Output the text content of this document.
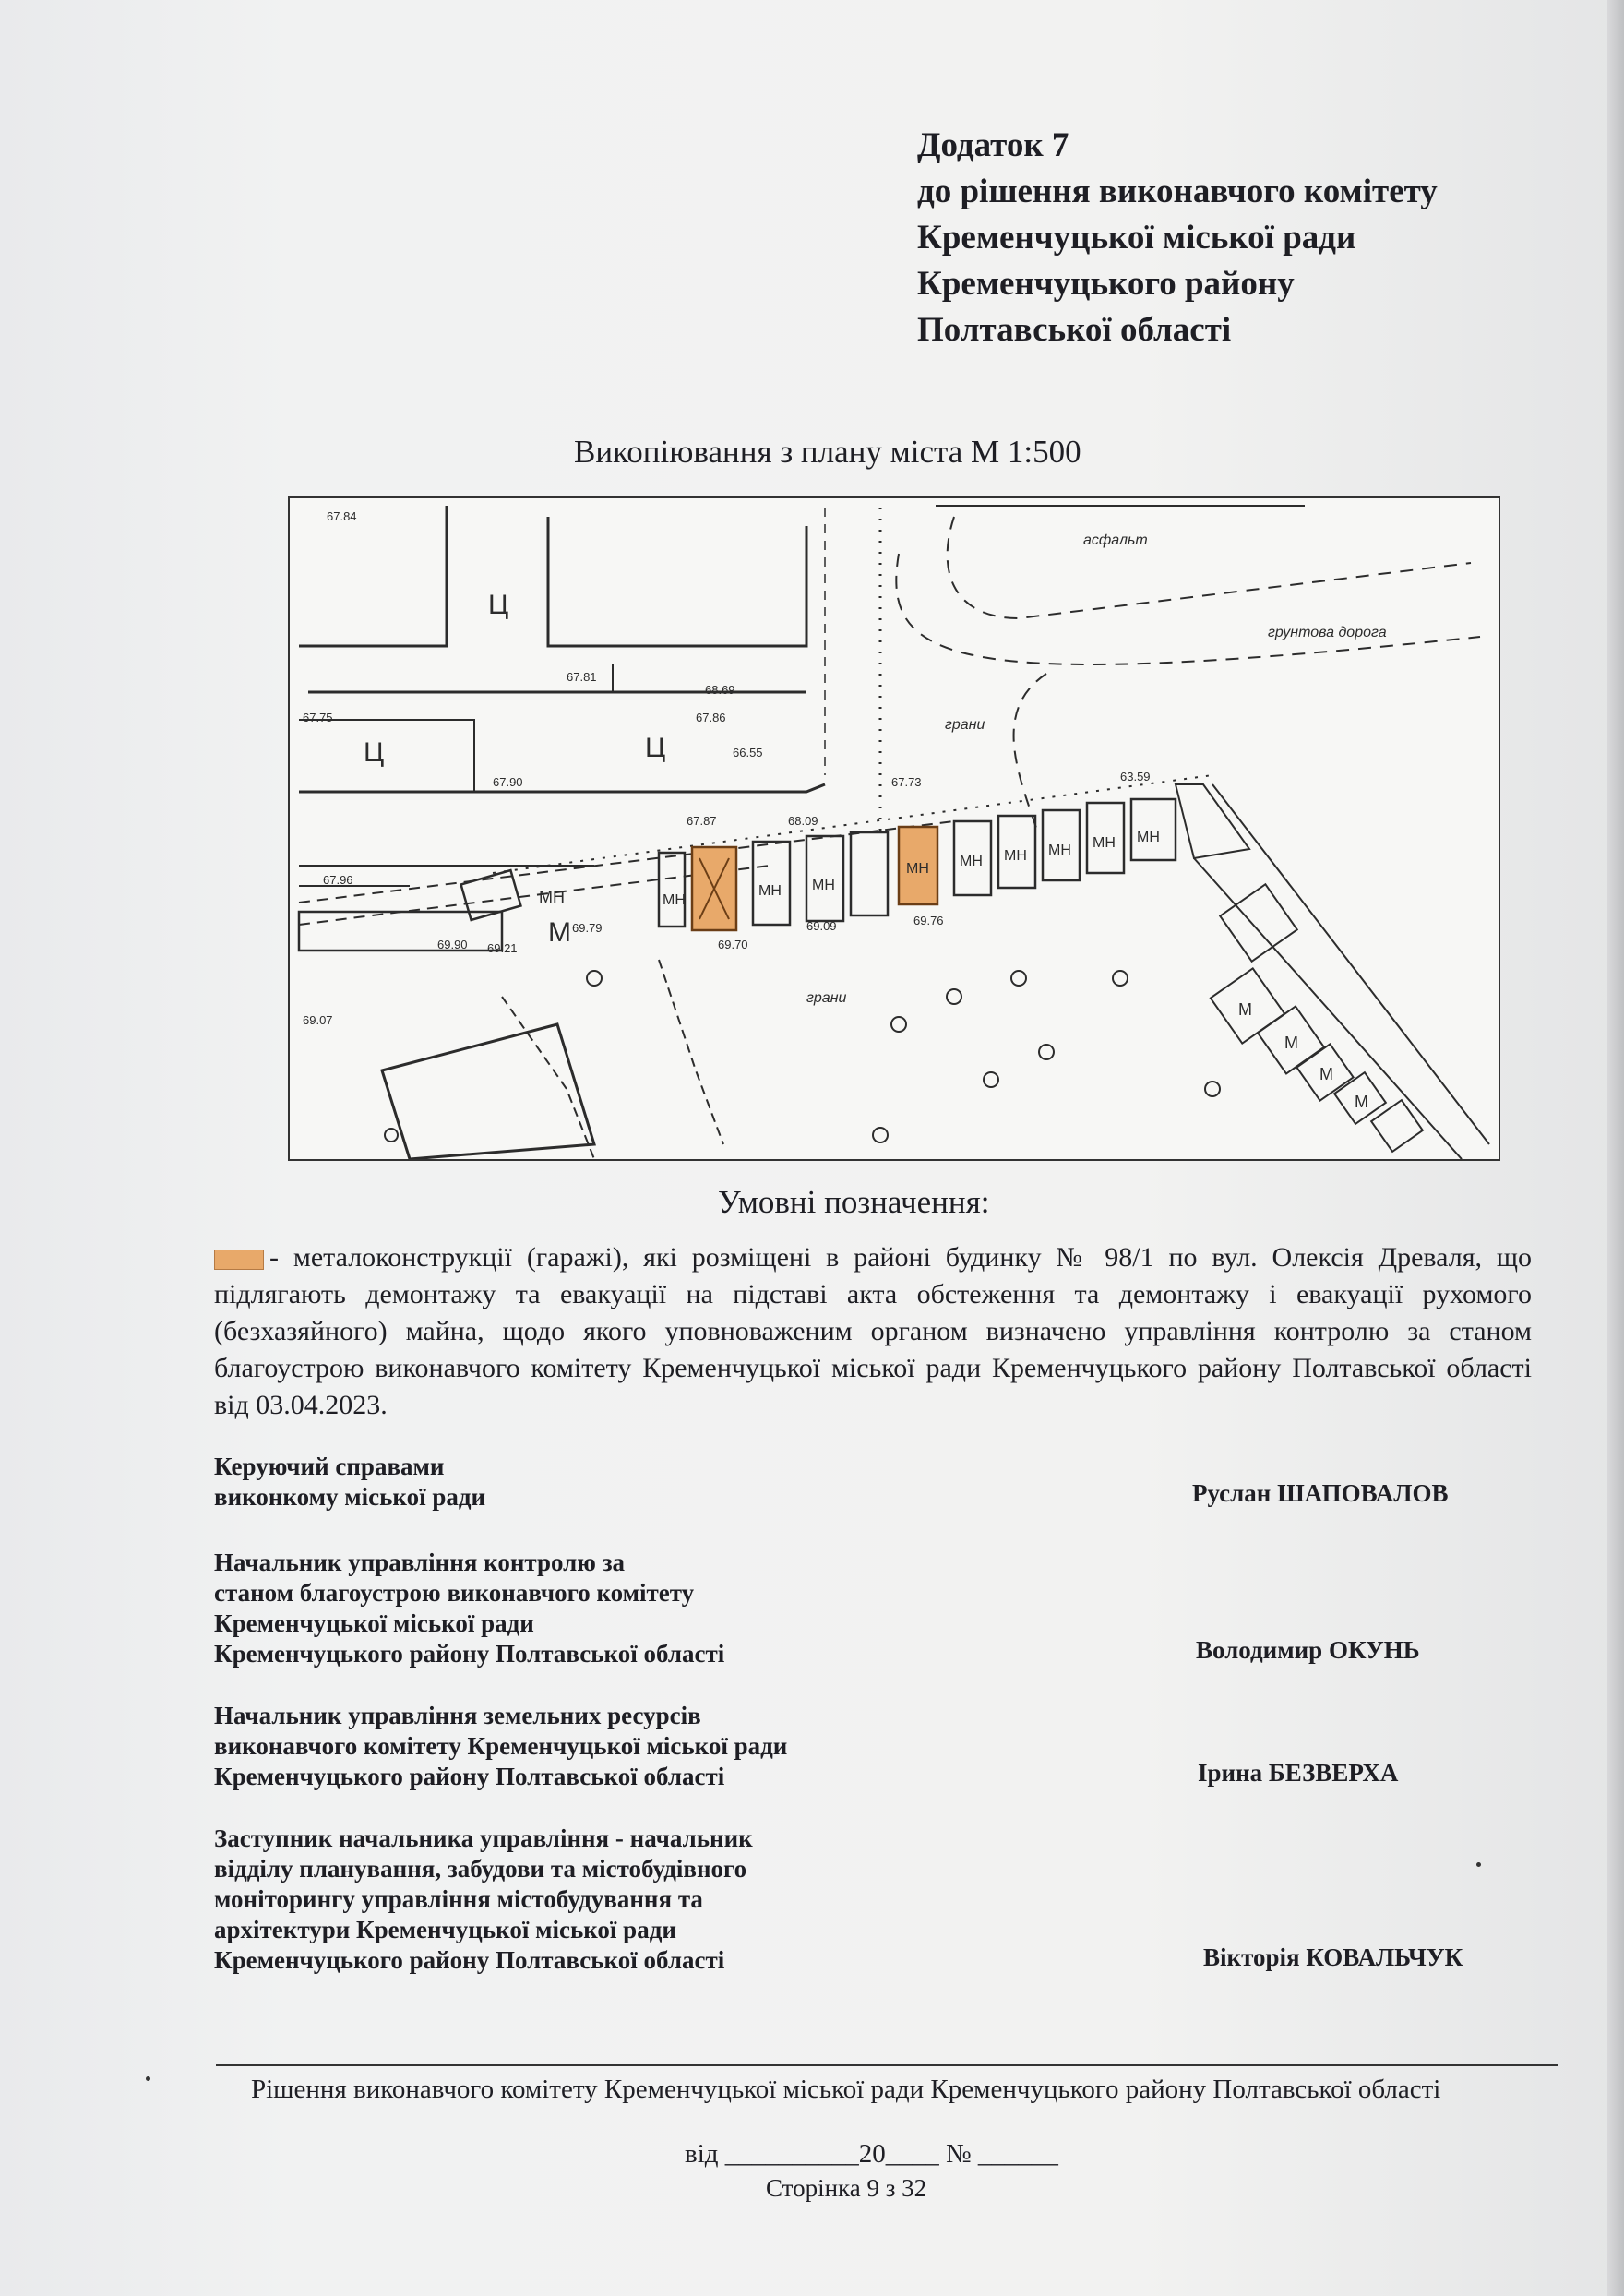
Додаток 7
до рішення виконавчого комітету
Кременчуцької міської ради
Кременчуцького району
Полтавської області
Викопіювання з плану міста М 1:500
Ц
Ц	Ц
М
МН	МН
МН МН
МН МН МН МН МН МН
М
М
М
М
67.81
67.75	67.86
67.90
68.69
68.09
67.87
69.79
69.70
69.09	69.76
67.96
69.90 69.21
63.59
67.73
66.55
69.07
67.84
грани
грани
асфальт
грунтова дорога
Умовні позначення:
- металоконструкції (гаражі), які розміщені в районі будинку № 98/1 по вул. Олексія Древаля, що підлягають демонтажу та евакуації на підставі акта обстеження та демонтажу і евакуації рухомого (безхазяйного) майна, щодо якого уповноваженим органом визначено управління контролю за станом благоустрою виконавчого комітету Кременчуцької міської ради Кременчуцького району Полтавської області від 03.04.2023.
Керуючий справами
виконкому міської ради	Руслан ШАПОВАЛОВ
Начальник управління контролю за
станом благоустрою виконавчого комітету
Кременчуцької міської ради
Кременчуцького району Полтавської області	Володимир ОКУНЬ
Начальник управління земельних ресурсів
виконавчого комітету Кременчуцької міської ради
Кременчуцького району Полтавської області	Ірина БЕЗВЕРХА
Заступник начальника управління - начальник
відділу планування, забудови та містобудівного
моніторингу управління містобудування та
архітектури Кременчуцької міської ради
Кременчуцького району Полтавської області	Вікторія КОВАЛЬЧУК
Рішення виконавчого комітету Кременчуцької міської ради Кременчуцького району Полтавської області
від __________20____ № ______
Сторінка 9 з 32
